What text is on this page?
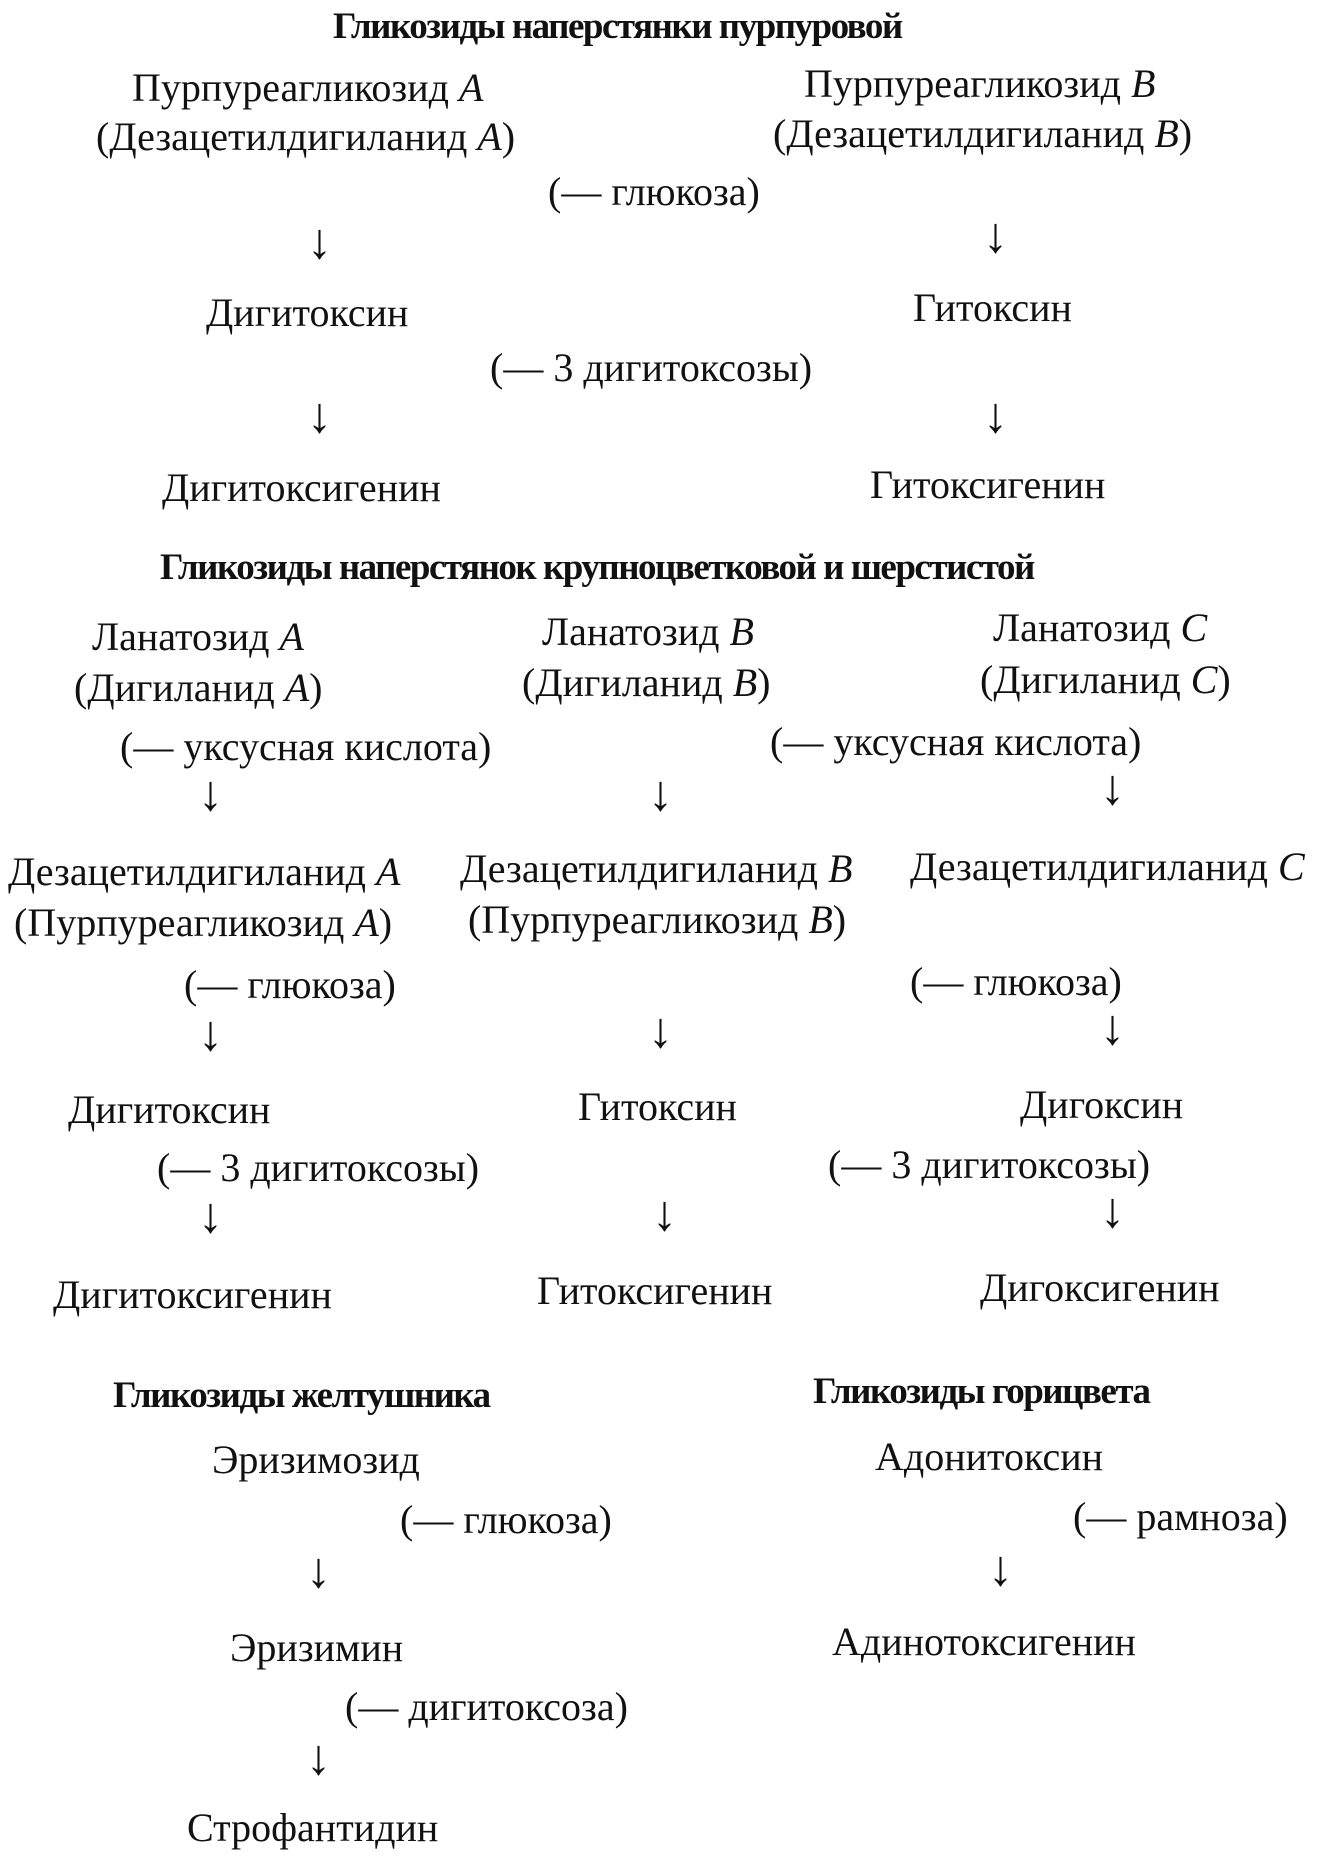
Гликозиды наперстянки пурпуровой
Пурпуреагликозид A
(Дезацетилдигиланид A)
Пурпуреагликозид B
(Дезацетилдигиланид B)
(— глюкоза)
↓	↓
Дигитоксин	Гитоксин
(— 3 дигитоксозы)
↓	↓
Дигитоксигенин	Гитоксигенин
Гликозиды наперстянок крупноцветковой и шерстистой
Ланатозид A
(Дигиланид A)
(— уксусная кислота)
↓
Дезацетилдигиланид A
(Пурпуреагликозид A)
(— глюкоза)
↓
Дигитоксин
(— 3 дигитоксозы)
↓
Дигитоксигенин
Ланатозид B
(Дигиланид B)
↓
Дезацетилдигиланид B
(Пурпуреагликозид B)
↓
Гитоксин
↓
Гитоксигенин
Ланатозид C
(Дигиланид C)
(— уксусная кислота)
↓
Дезацетилдигиланид C
(— глюкоза)
↓
Дигоксин
(— 3 дигитоксозы)
↓
Дигоксигенин
Гликозиды желтушника
Эризимозид
(— глюкоза)
↓
Эризимин
(— дигитоксоза)
↓
Строфантидин
Гликозиды горицвета
Адонитоксин
(— рамноза)
↓
Адинотоксигенин
